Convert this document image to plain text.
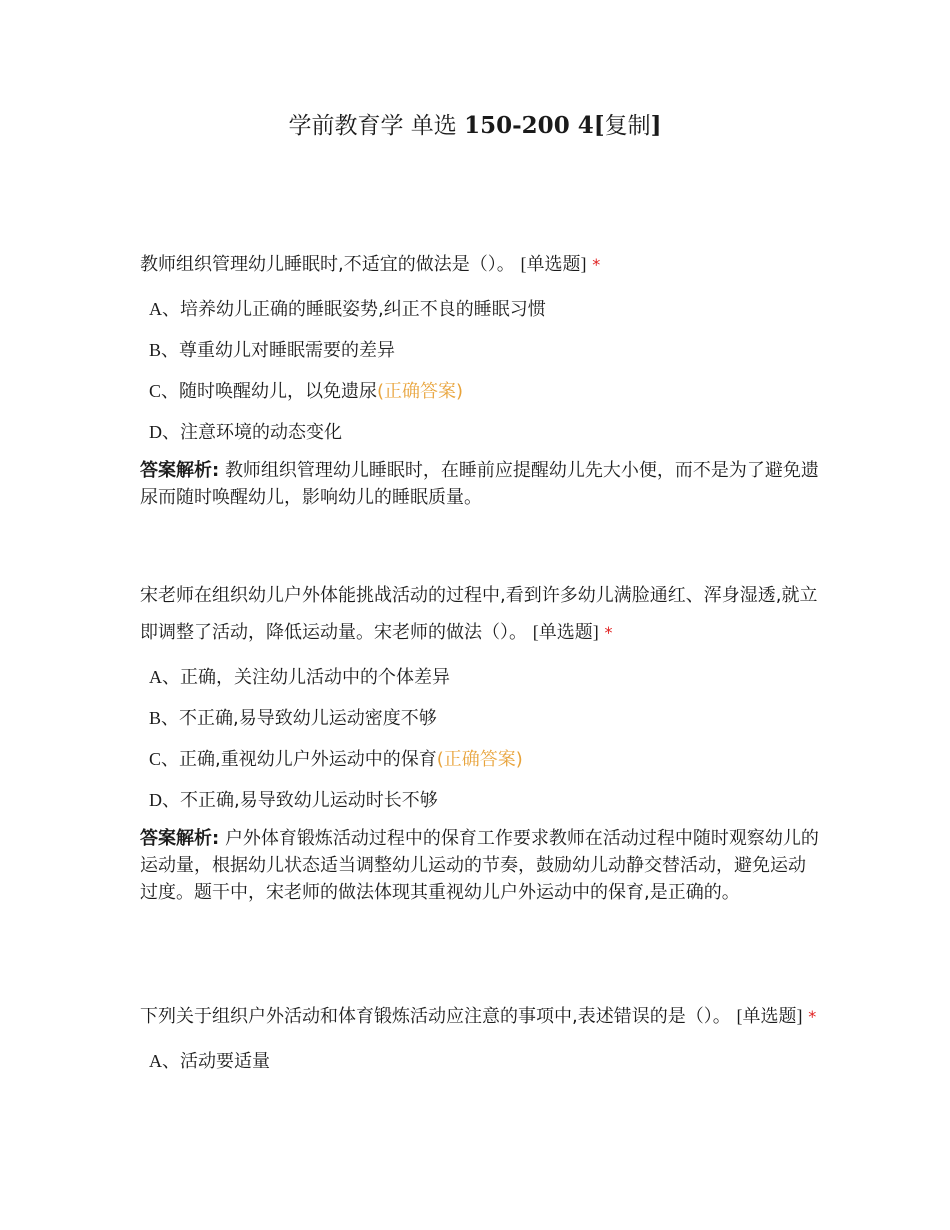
学前教育学 单选 150-200 4[复制]

教师组织管理幼儿睡眠时,不适宜的做法是（）。 [单选题] *

A、培养幼儿正确的睡眠姿势,纠正不良的睡眠习惯
B、尊重幼儿对睡眠需要的差异
C、随时唤醒幼儿，以免遗尿(正确答案)
D、注意环境的动态变化

答案解析: 教师组织管理幼儿睡眠时，在睡前应提醒幼儿先大小便，而不是为了避免遗尿而随时唤醒幼儿，影响幼儿的睡眠质量。

宋老师在组织幼儿户外体能挑战活动的过程中,看到许多幼儿满脸通红、浑身湿透,就立即调整了活动，降低运动量。宋老师的做法（）。 [单选题] *

A、正确，关注幼儿活动中的个体差异
B、不正确,易导致幼儿运动密度不够
C、正确,重视幼儿户外运动中的保育(正确答案)
D、不正确,易导致幼儿运动时长不够

答案解析: 户外体育锻炼活动过程中的保育工作要求教师在活动过程中随时观察幼儿的运动量，根据幼儿状态适当调整幼儿运动的节奏，鼓励幼儿动静交替活动，避免运动过度。题干中，宋老师的做法体现其重视幼儿户外运动中的保育,是正确的。

下列关于组织户外活动和体育锻炼活动应注意的事项中,表述错误的是（）。 [单选题] *

A、活动要适量
